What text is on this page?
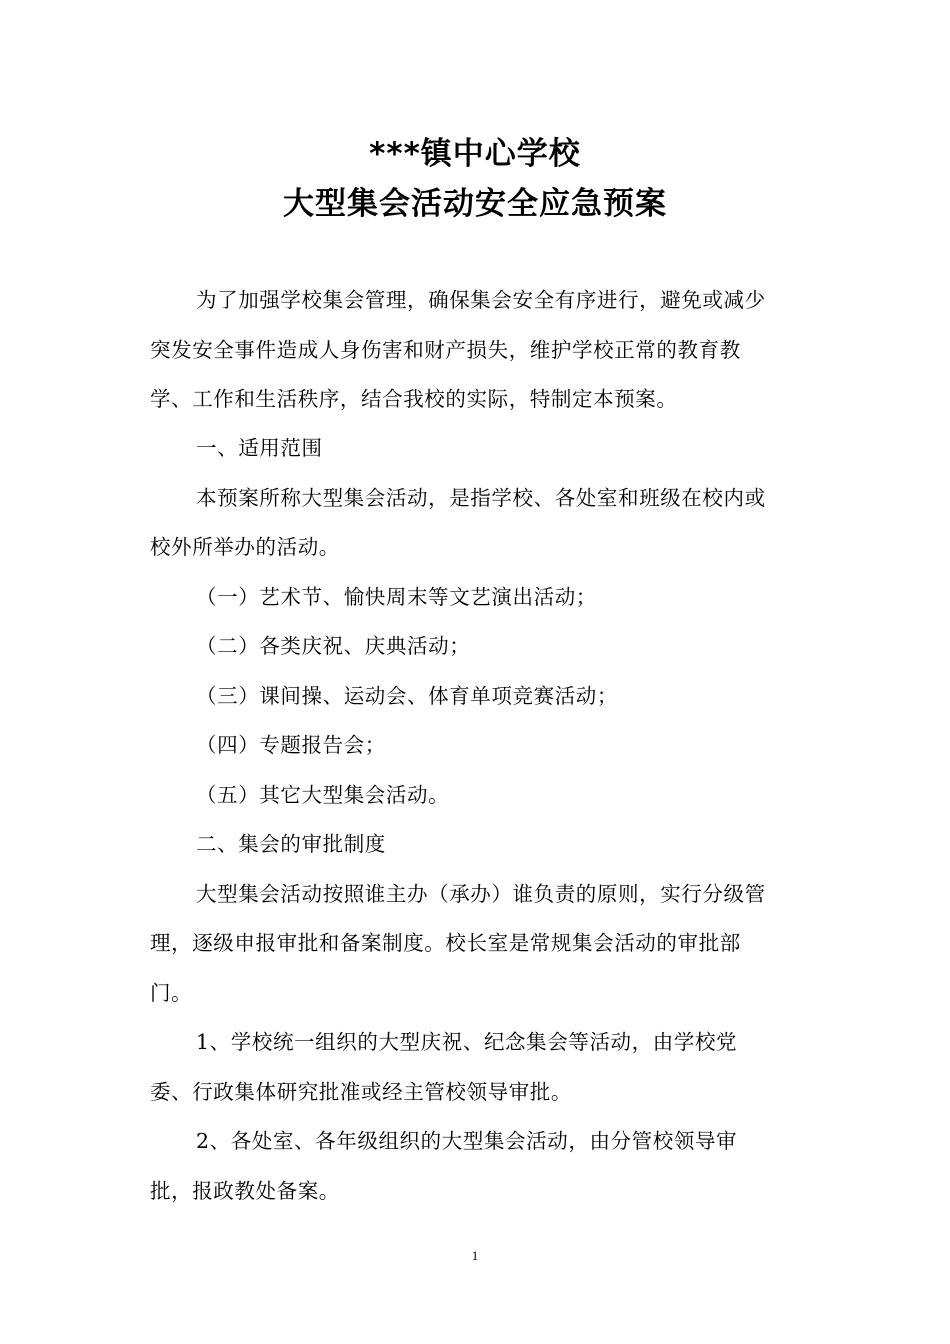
***镇中心学校
大型集会活动安全应急预案
为了加强学校集会管理，确保集会安全有序进行，避免或减少
突发安全事件造成人身伤害和财产损失，维护学校正常的教育教
学、工作和生活秩序，结合我校的实际，特制定本预案。
一、适用范围
本预案所称大型集会活动，是指学校、各处室和班级在校内或
校外所举办的活动。
（一）艺术节、愉快周末等文艺演出活动；
（二）各类庆祝、庆典活动；
（三）课间操、运动会、体育单项竞赛活动；
（四）专题报告会；
（五）其它大型集会活动。
二、集会的审批制度
大型集会活动按照谁主办（承办）谁负责的原则，实行分级管
理，逐级申报审批和备案制度。校长室是常规集会活动的审批部
门。
1、学校统一组织的大型庆祝、纪念集会等活动，由学校党
委、行政集体研究批准或经主管校领导审批。
2、各处室、各年级组织的大型集会活动，由分管校领导审
批，报政教处备案。
1
